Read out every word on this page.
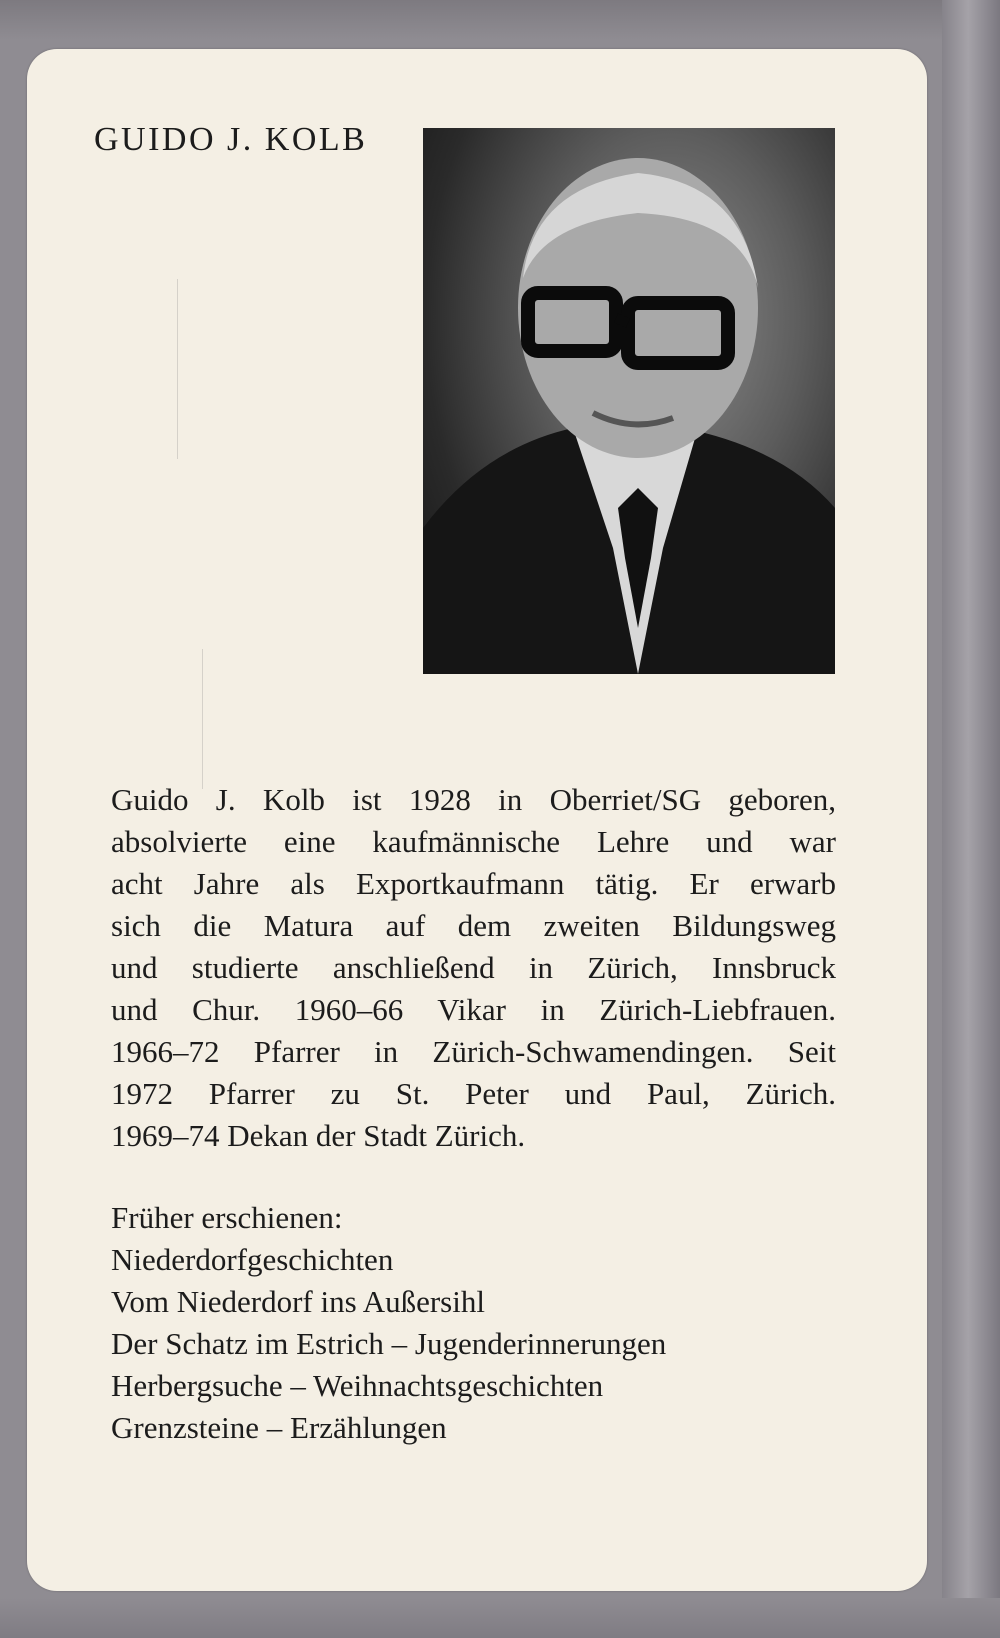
GUIDO J. KOLB
Guido J. Kolb ist 1928 in Oberriet/SG geboren,
absolvierte eine kaufmännische Lehre und war
acht Jahre als Exportkaufmann tätig. Er erwarb
sich die Matura auf dem zweiten Bildungsweg
und studierte anschließend in Zürich, Innsbruck
und Chur. 1960–66 Vikar in Zürich-Liebfrauen.
1966–72 Pfarrer in Zürich-Schwamendingen. Seit
1972 Pfarrer zu St. Peter und Paul, Zürich.
1969–74 Dekan der Stadt Zürich.
Früher erschienen:
Niederdorfgeschichten
Vom Niederdorf ins Außersihl
Der Schatz im Estrich – Jugenderinnerungen
Herbergsuche – Weihnachtsgeschichten
Grenzsteine – Erzählungen
